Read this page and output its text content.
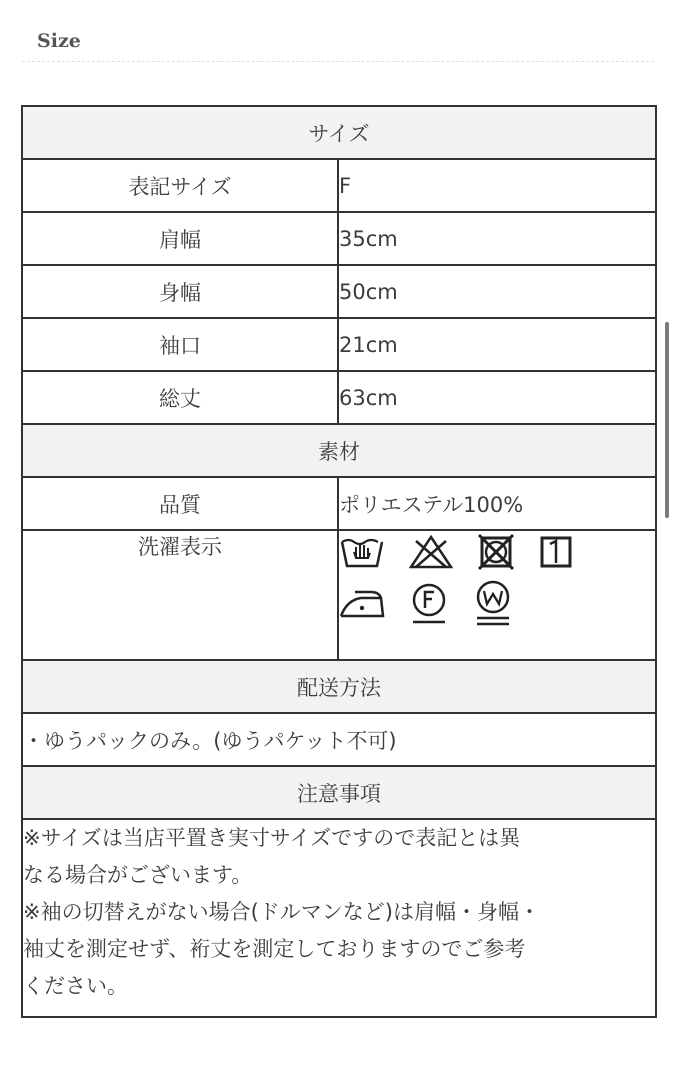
Size
サイズ	
表記サイズ	F
肩幅	35cm
身幅	50cm
袖口	21cm
総丈	63cm
素材	
品質	ポリエステル100%
洗濯表示	

配送方法	
・ゆうパックのみ。(ゆうパケット不可)	
注意事項	

※サイズは当店平置き実寸サイズですので表記とは異
なる場合がございます。
※袖の切替えがない場合(ドルマンなど)は肩幅・身幅・
袖丈を測定せず、裄丈を測定しておりますのでご参考
ください。	
